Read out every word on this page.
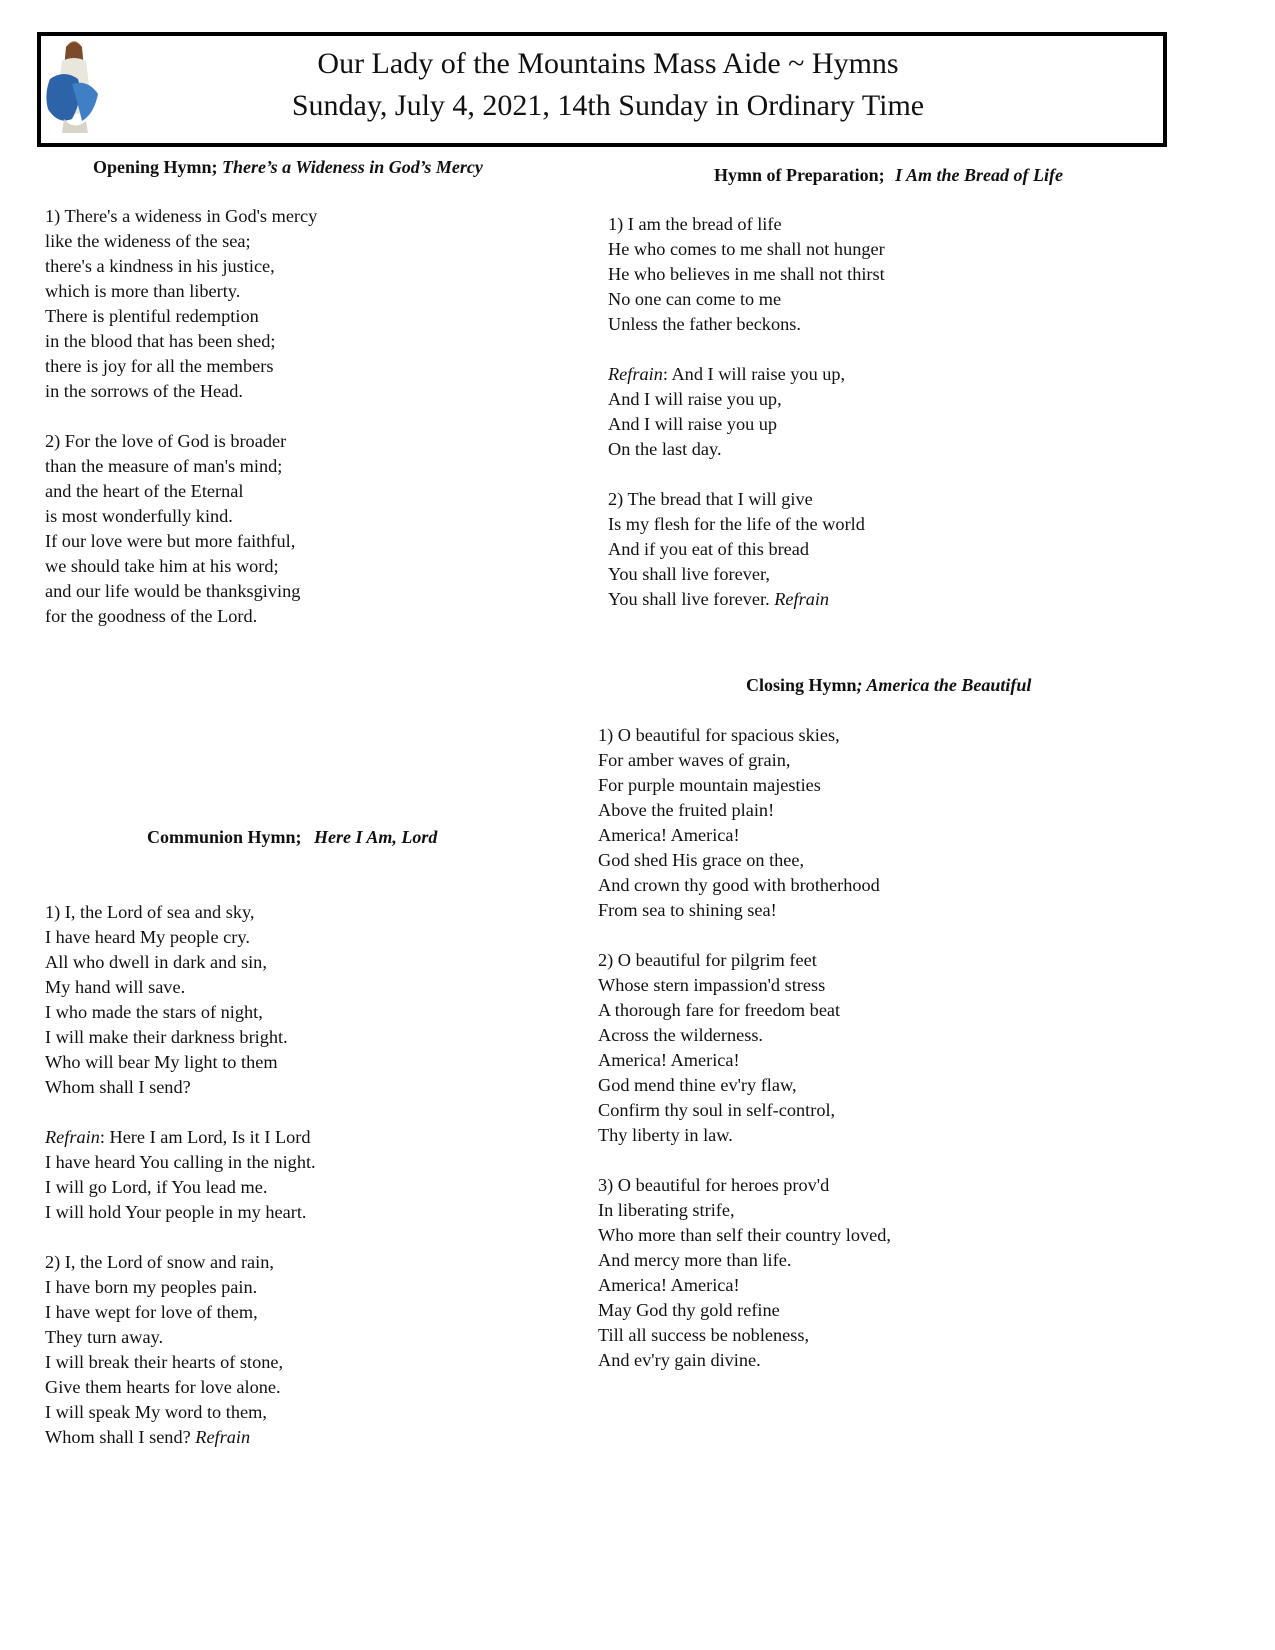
Our Lady of the Mountains Mass Aide ~ Hymns
Sunday, July 4, 2021, 14th Sunday in Ordinary Time
Opening Hymn; There’s a Wideness in God’s Mercy
1) There's a wideness in God's mercy
like the wideness of the sea;
there's a kindness in his justice,
which is more than liberty.
There is plentiful redemption
in the blood that has been shed;
there is joy for all the members
in the sorrows of the Head.
2) For the love of God is broader
than the measure of man's mind;
and the heart of the Eternal
is most wonderfully kind.
If our love were but more faithful,
we should take him at his word;
and our life would be thanksgiving
for the goodness of the Lord.
Communion Hymn; Here I Am, Lord
1) I, the Lord of sea and sky,
I have heard My people cry.
All who dwell in dark and sin,
My hand will save.
I who made the stars of night,
I will make their darkness bright.
Who will bear My light to them
Whom shall I send?
Refrain: Here I am Lord, Is it I Lord
I have heard You calling in the night.
I will go Lord, if You lead me.
I will hold Your people in my heart.
2) I, the Lord of snow and rain,
I have born my peoples pain.
I have wept for love of them,
They turn away.
I will break their hearts of stone,
Give them hearts for love alone.
I will speak My word to them,
Whom shall I send? Refrain
Hymn of Preparation; I Am the Bread of Life
1) I am the bread of life
He who comes to me shall not hunger
He who believes in me shall not thirst
No one can come to me
Unless the father beckons.
Refrain: And I will raise you up,
And I will raise you up,
And I will raise you up
On the last day.
2) The bread that I will give
Is my flesh for the life of the world
And if you eat of this bread
You shall live forever,
You shall live forever. Refrain
Closing Hymn; America the Beautiful
1) O beautiful for spacious skies,
For amber waves of grain,
For purple mountain majesties
Above the fruited plain!
America! America!
God shed His grace on thee,
And crown thy good with brotherhood
From sea to shining sea!
2) O beautiful for pilgrim feet
Whose stern impassion'd stress
A thorough fare for freedom beat
Across the wilderness.
America! America!
God mend thine ev'ry flaw,
Confirm thy soul in self-control,
Thy liberty in law.
3) O beautiful for heroes prov'd
In liberating strife,
Who more than self their country loved,
And mercy more than life.
America! America!
May God thy gold refine
Till all success be nobleness,
And ev'ry gain divine.
